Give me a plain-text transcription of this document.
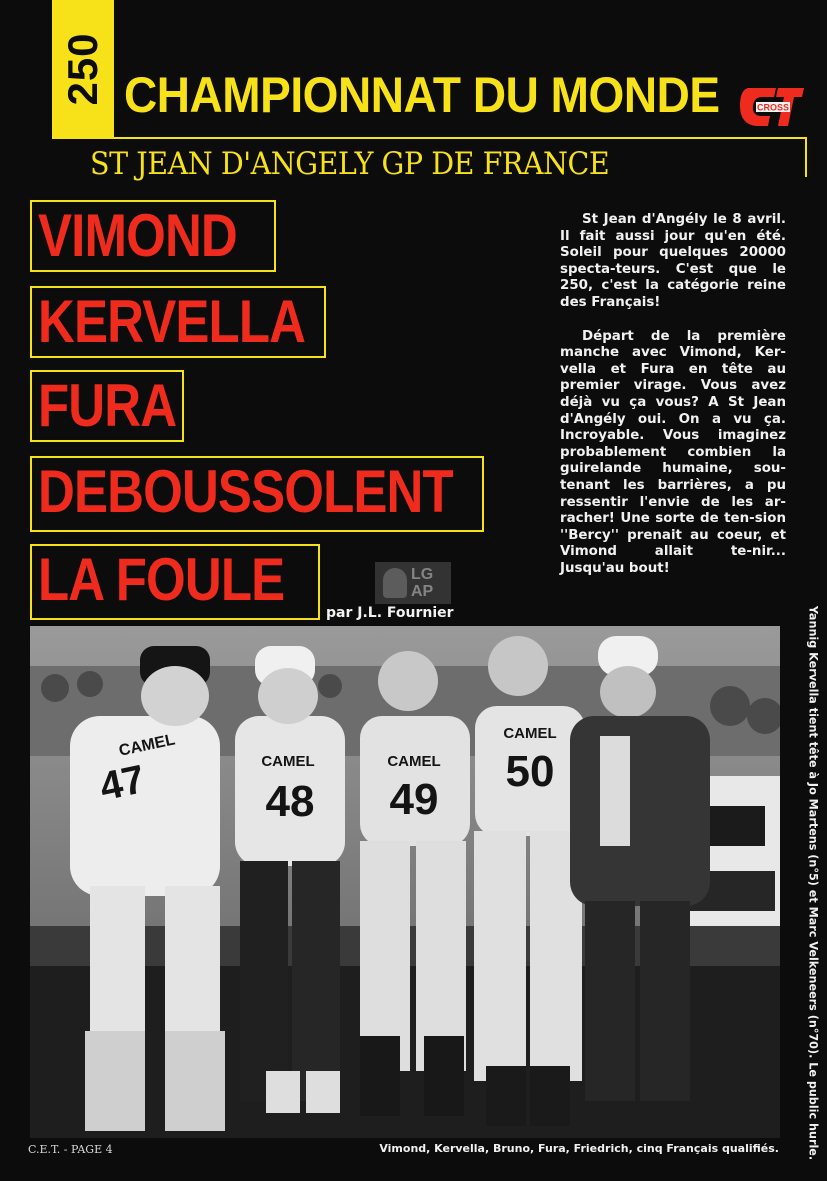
250 CHAMPIONNAT DU MONDE	CROSS
ST JEAN D'ANGELY GP DE FRANCE
VIMOND
KERVELLA
FURA
DEBOUSSOLENT
LA FOULE	par J.L. Fournier
LG
AP

St Jean d'Angély le 8 avril. Il fait aussi jour qu'en été. Soleil pour quelques 20000 specta-teurs. C'est que le 250, c'est la catégorie reine des Français!

Départ de la première manche avec Vimond, Ker-vella et Fura en tête au premier virage. Vous avez déjà vu ça vous? A St Jean d'Angély oui. On a vu ça. Incroyable. Vous imaginez probablement combien la guirelande humaine, sou-tenant les barrières, a pu ressentir l'envie de les ar-racher! Une sorte de ten-sion ''Bercy'' prenait au coeur, et Vimond allait te-nir... Jusqu'au bout!

CAMEL
47	CAMEL
48
CAMEL
49
CAMEL
50	Yannig Kervella tient tête à Jo Martens (n°5) et Marc Velkeneers (n°70). Le public hurle.
Vimond, Kervella, Bruno, Fura, Friedrich, cinq Français qualifiés.
C.E.T. - PAGE 4
